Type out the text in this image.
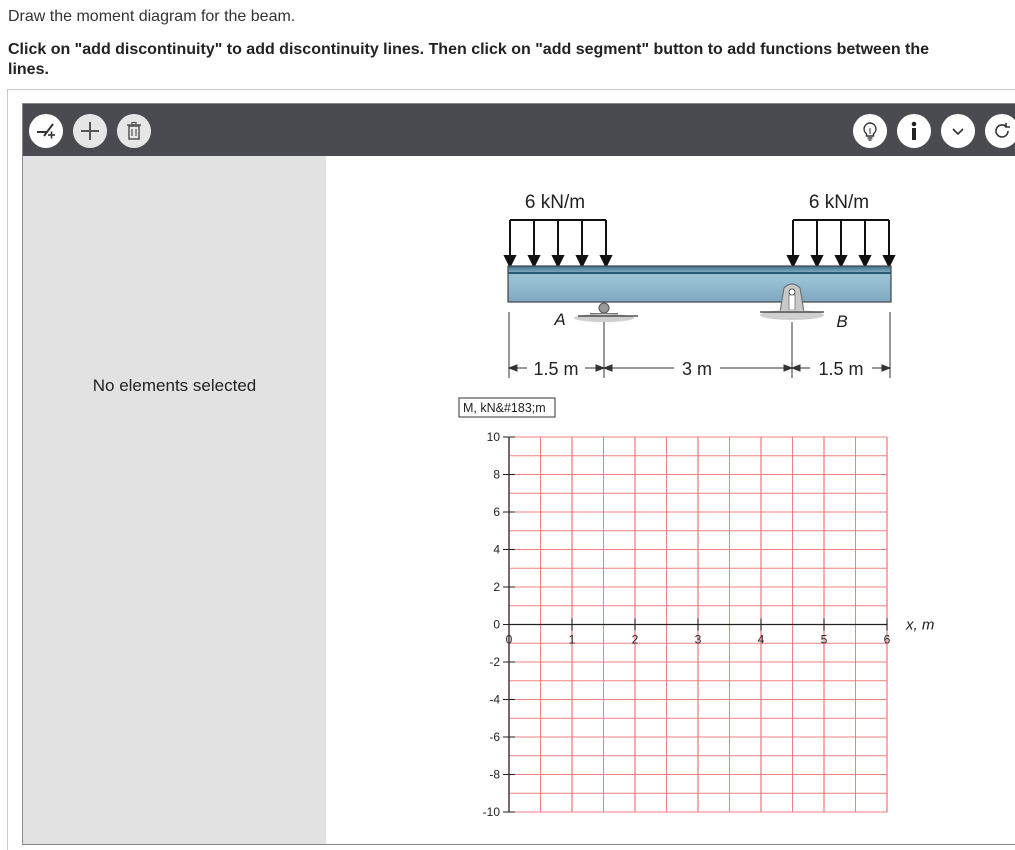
Draw the moment diagram for the beam.
Click on "add discontinuity" to add discontinuity lines. Then click on "add segment" button to add functions between the lines.
No elements selected
6 kN/m	6 kN/m
A	B
1.5 m	3 m	1.5 m
M, kN&#183;m
x, m
10
8
6
4
2
0
-2
-4
-6
-8
-10
0	1	2	3	4	5	6
